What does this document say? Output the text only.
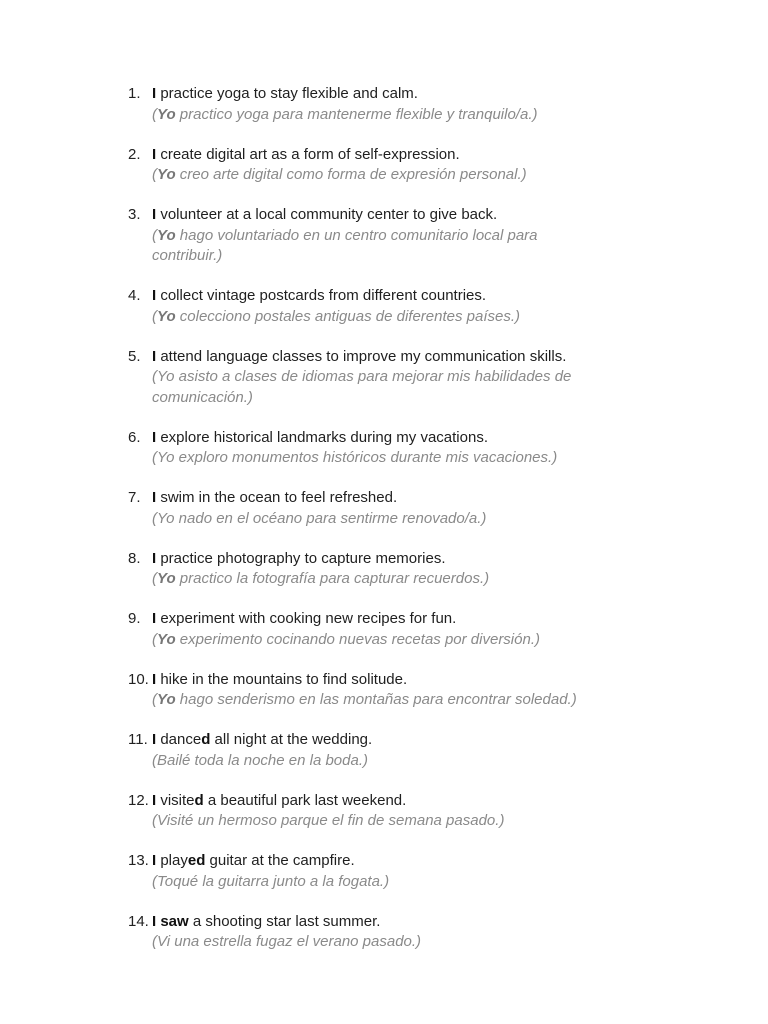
1. I practice yoga to stay flexible and calm.
(Yo practico yoga para mantenerme flexible y tranquilo/a.)
2. I create digital art as a form of self-expression.
(Yo creo arte digital como forma de expresión personal.)
3. I volunteer at a local community center to give back.
(Yo hago voluntariado en un centro comunitario local para contribuir.)
4. I collect vintage postcards from different countries.
(Yo colecciono postales antiguas de diferentes países.)
5. I attend language classes to improve my communication skills.
(Yo asisto a clases de idiomas para mejorar mis habilidades de comunicación.)
6. I explore historical landmarks during my vacations.
(Yo exploro monumentos históricos durante mis vacaciones.)
7. I swim in the ocean to feel refreshed.
(Yo nado en el océano para sentirme renovado/a.)
8. I practice photography to capture memories.
(Yo practico la fotografía para capturar recuerdos.)
9. I experiment with cooking new recipes for fun.
(Yo experimento cocinando nuevas recetas por diversión.)
10. I hike in the mountains to find solitude.
(Yo hago senderismo en las montañas para encontrar soledad.)
11. I danced all night at the wedding.
(Bailé toda la noche en la boda.)
12. I visited a beautiful park last weekend.
(Visité un hermoso parque el fin de semana pasado.)
13. I played guitar at the campfire.
(Toqué la guitarra junto a la fogata.)
14. I saw a shooting star last summer.
(Vi una estrella fugaz el verano pasado.)
